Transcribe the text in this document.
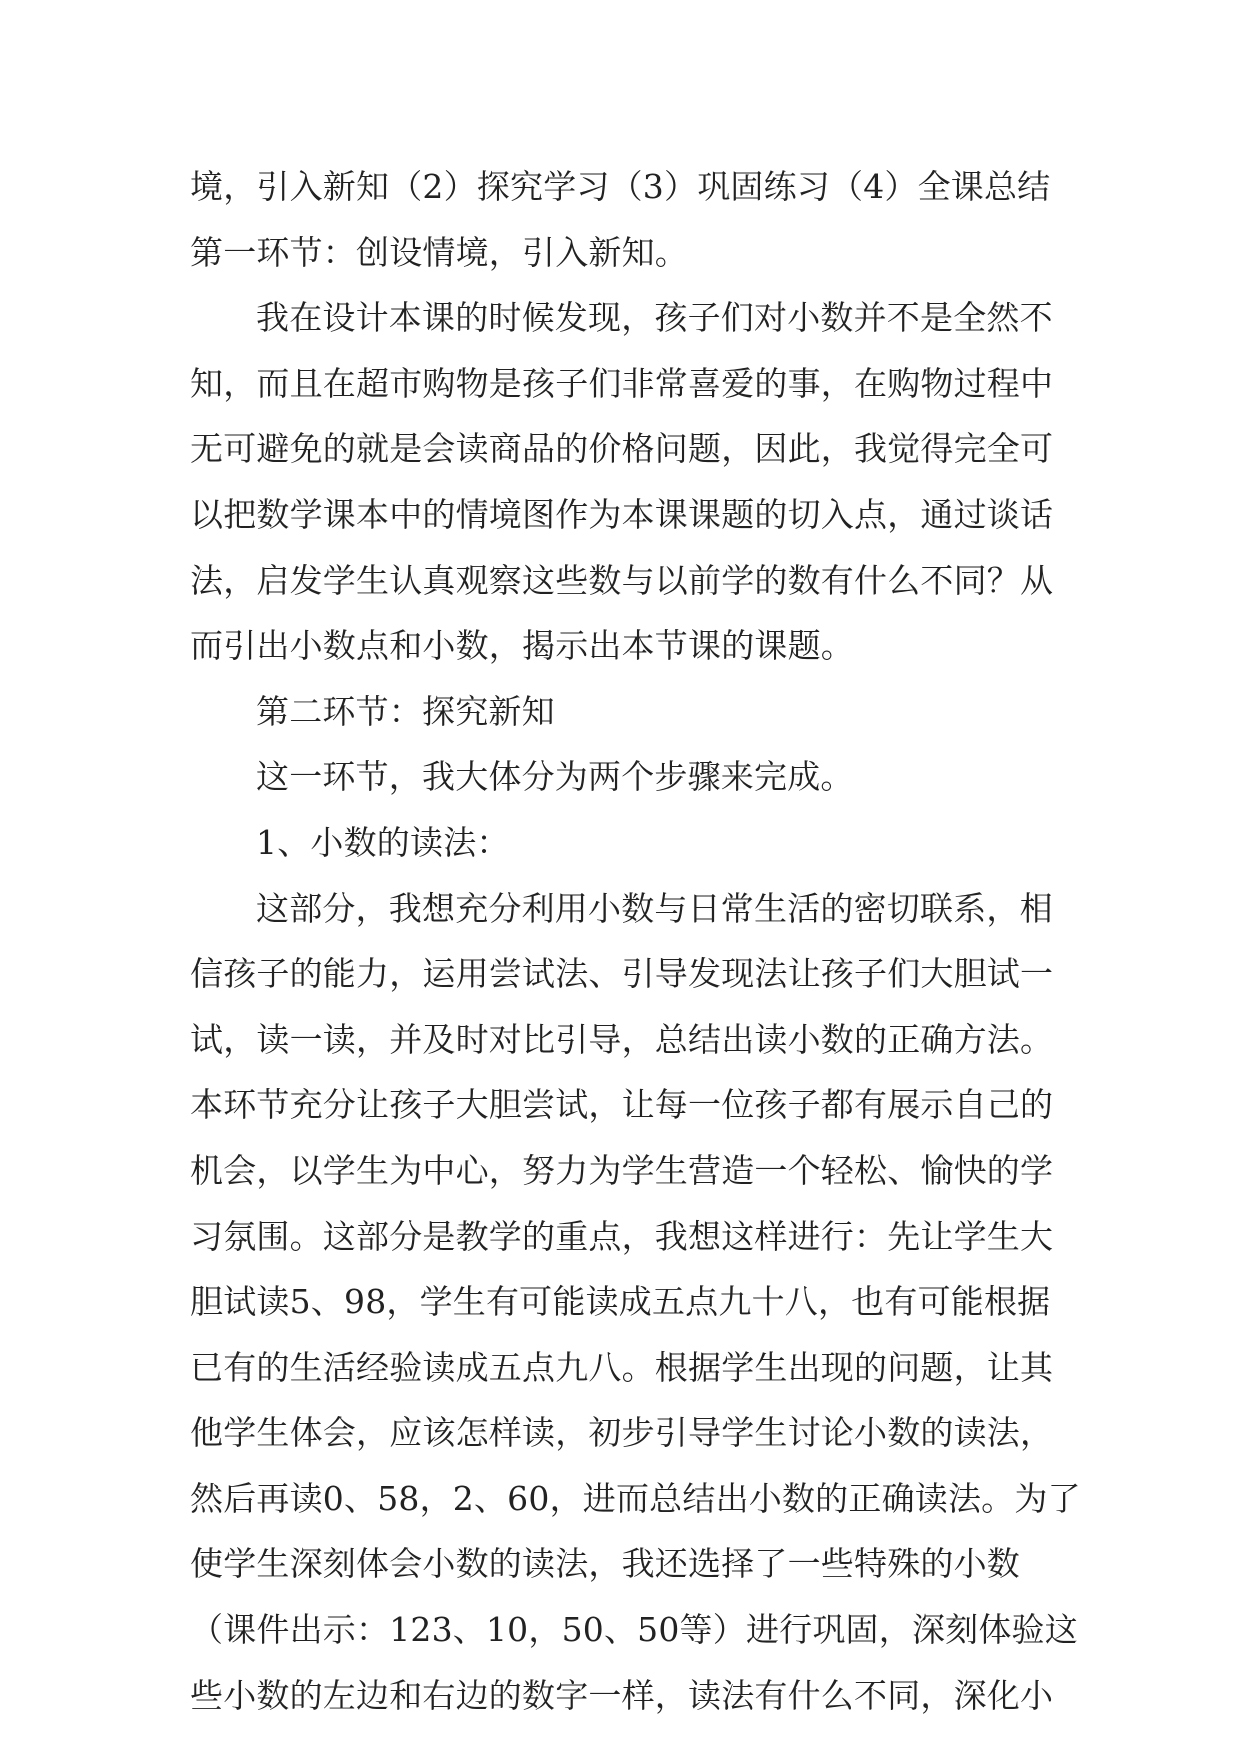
境，引入新知（2）探究学习（3）巩固练习（4）全课总结
第一环节：创设情境，引入新知。
我在设计本课的时候发现，孩子们对小数并不是全然不
知，而且在超市购物是孩子们非常喜爱的事，在购物过程中
无可避免的就是会读商品的价格问题，因此，我觉得完全可
以把数学课本中的情境图作为本课课题的切入点，通过谈话
法，启发学生认真观察这些数与以前学的数有什么不同？从
而引出小数点和小数，揭示出本节课的课题。
第二环节：探究新知
这一环节，我大体分为两个步骤来完成。
1、小数的读法：
这部分，我想充分利用小数与日常生活的密切联系，相
信孩子的能力，运用尝试法、引导发现法让孩子们大胆试一
试，读一读，并及时对比引导，总结出读小数的正确方法。
本环节充分让孩子大胆尝试，让每一位孩子都有展示自己的
机会，以学生为中心，努力为学生营造一个轻松、愉快的学
习氛围。这部分是教学的重点，我想这样进行：先让学生大
胆试读5、98，学生有可能读成五点九十八，也有可能根据
已有的生活经验读成五点九八。根据学生出现的问题，让其
他学生体会，应该怎样读，初步引导学生讨论小数的读法，
然后再读0、58，2、60，进而总结出小数的正确读法。为了
使学生深刻体会小数的读法，我还选择了一些特殊的小数
（课件出示：123、10，50、50等）进行巩固，深刻体验这
些小数的左边和右边的数字一样，读法有什么不同，深化小
